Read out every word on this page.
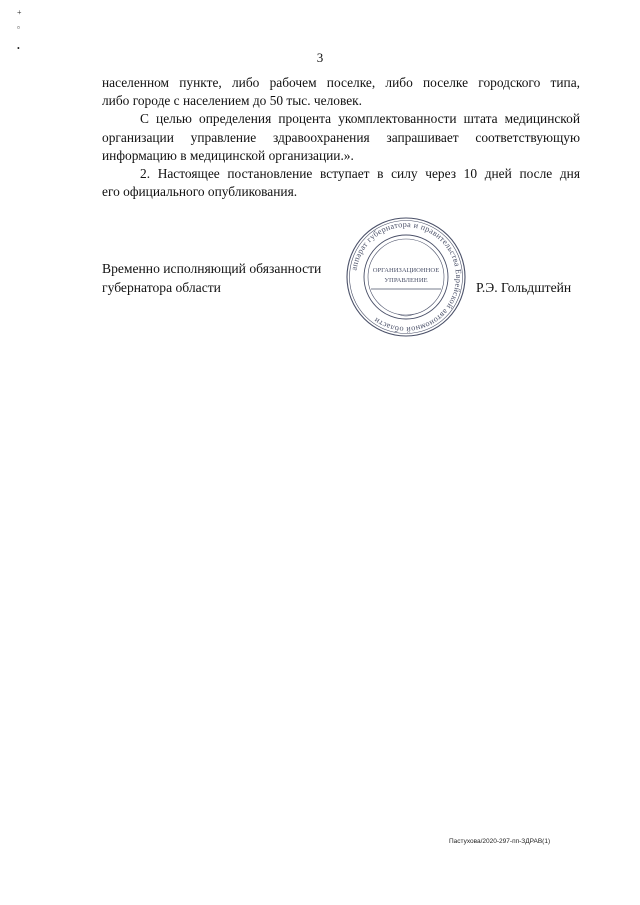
+
▫
•
3

населенном пункте, либо рабочем поселке, либо поселке городского типа,

либо городе с населением до 50 тыс. человек.

С целью определения процента укомплектованности штата медицинской

организации управление здравоохранения запрашивает соответствующую

информацию в медицинской организации.».

2. Настоящее постановление вступает в силу через 10 дней после дня

его официального опубликования.

Временно исполняющий обязанности
губернатора области
аппарат губернатора и правительства Еврейской автономной области
ОРГАНИЗАЦИОННОЕ
УПРАВЛЕНИЕ	Р.Э. Гольдштейн
Пастухова/2020-297-пп-ЗДРАВ(1)
